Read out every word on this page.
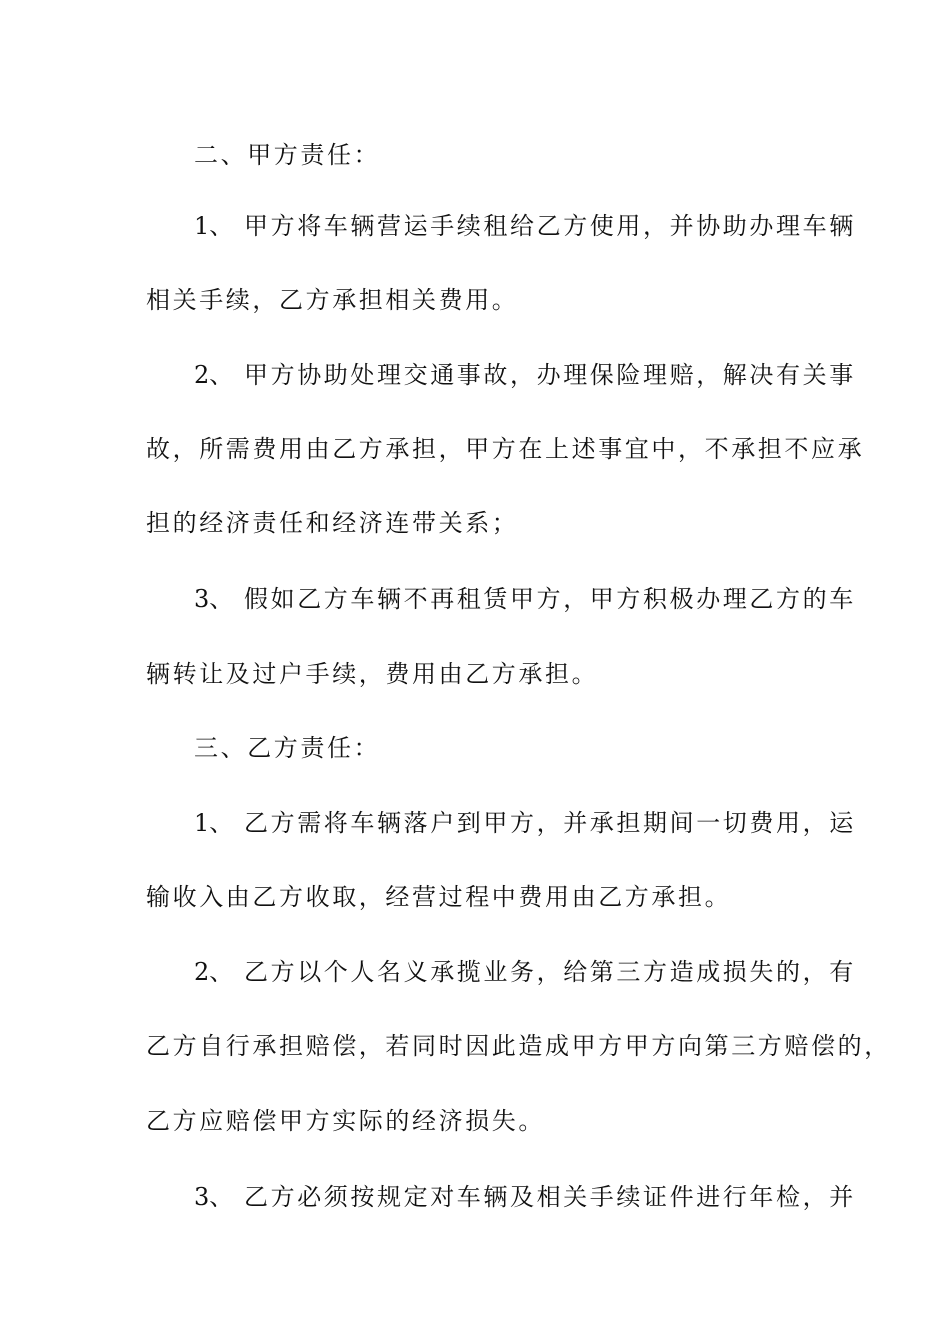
二、甲方责任：
1、 甲方将车辆营运手续租给乙方使用，并协助办理车辆
相关手续，乙方承担相关费用。
2、 甲方协助处理交通事故，办理保险理赔，解决有关事
故，所需费用由乙方承担，甲方在上述事宜中，不承担不应承
担的经济责任和经济连带关系；
3、 假如乙方车辆不再租赁甲方，甲方积极办理乙方的车
辆转让及过户手续，费用由乙方承担。
三、乙方责任：
1、 乙方需将车辆落户到甲方，并承担期间一切费用，运
输收入由乙方收取，经营过程中费用由乙方承担。
2、 乙方以个人名义承揽业务，给第三方造成损失的，有
乙方自行承担赔偿，若同时因此造成甲方甲方向第三方赔偿的，
乙方应赔偿甲方实际的经济损失。
3、 乙方必须按规定对车辆及相关手续证件进行年检，并
